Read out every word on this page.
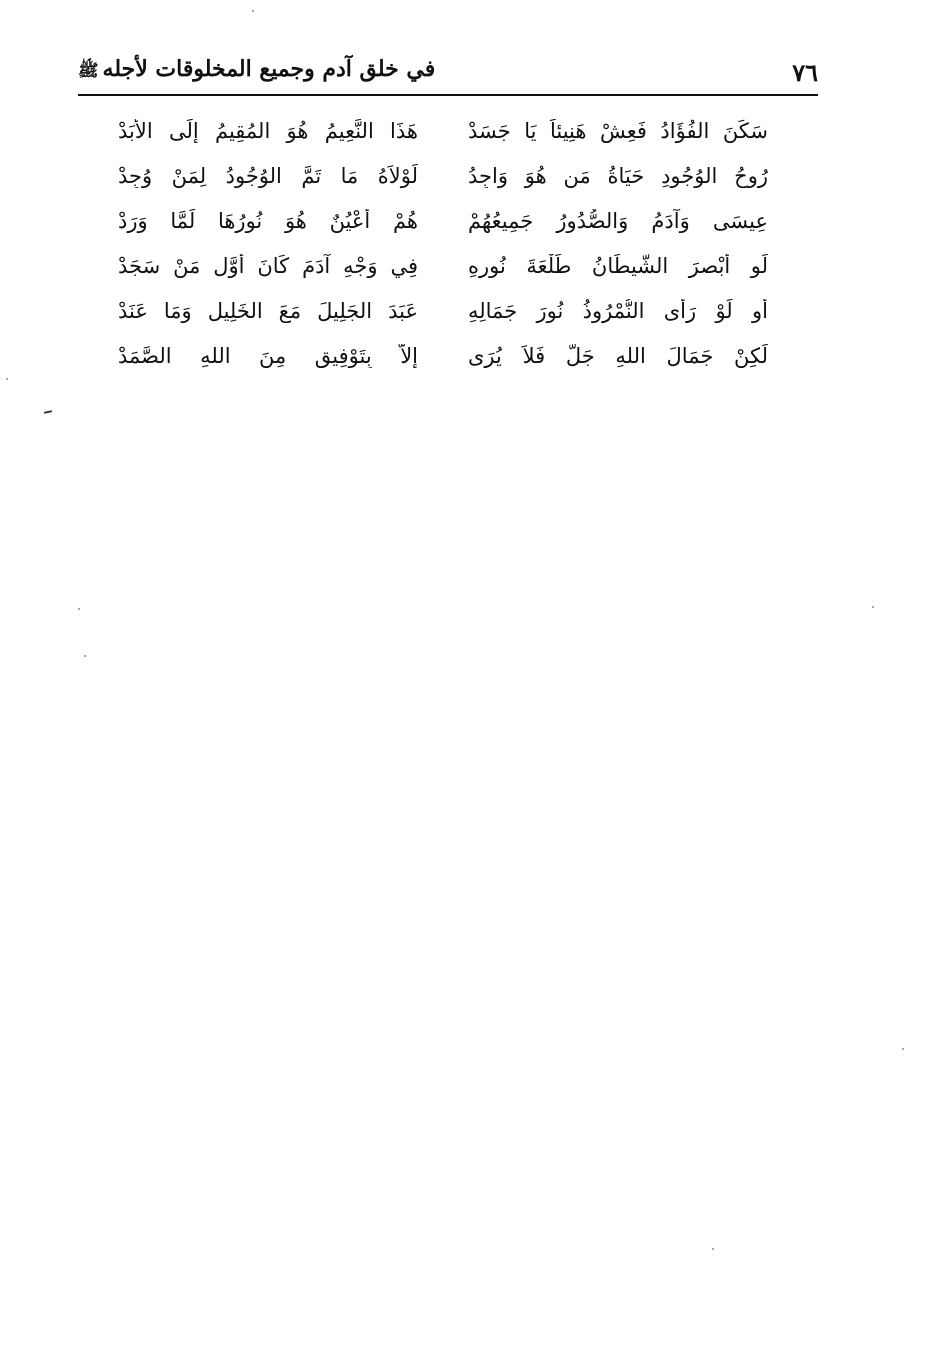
٧٦
في خلق آدم وجميع المخلوقات لأجلهﷺ
سَكَنَ الفُؤَادُ فَعِشْ هَنِيئاً يَا جَسَدْ
هَذَا النَّعِيمُ هُوَ المُقِيمُ إِلَى الأَبَدْ
رُوحُ الوُجُودِ حَيَاةُ مَن هُوَ وَاجِدُ
لَوْلاَهُ مَا تَمَّ الوُجُودُ لِمَنْ وُجِدْ
عِيسَى وَآدَمُ وَالصُّدُورُ جَمِيعُهُمْ
هُمْ أَعْيُنٌ هُوَ نُورُهَا لَمَّا وَرَدْ
لَو أبْصرَ الشَّيطَانُ طَلْعَةَ نُورِهِ
فِي وَجْهِ آدَمَ كَانَ أَوَّل مَنْ سَجَدْ
أَو لَوْ رَأَى النُّمْرُوذُ نُورَ جَمَالِهِ
عَبَدَ الجَلِيلَ مَعَ الخَلِيلِ وَمَا عَنَدْ
لَكِنْ جَمَالَ اللهِ جَلَّ فَلاَ يُرَى
إِلاَّ بِتَوْفِيقٍ مِنَ اللهِ الصَّمَدْ
